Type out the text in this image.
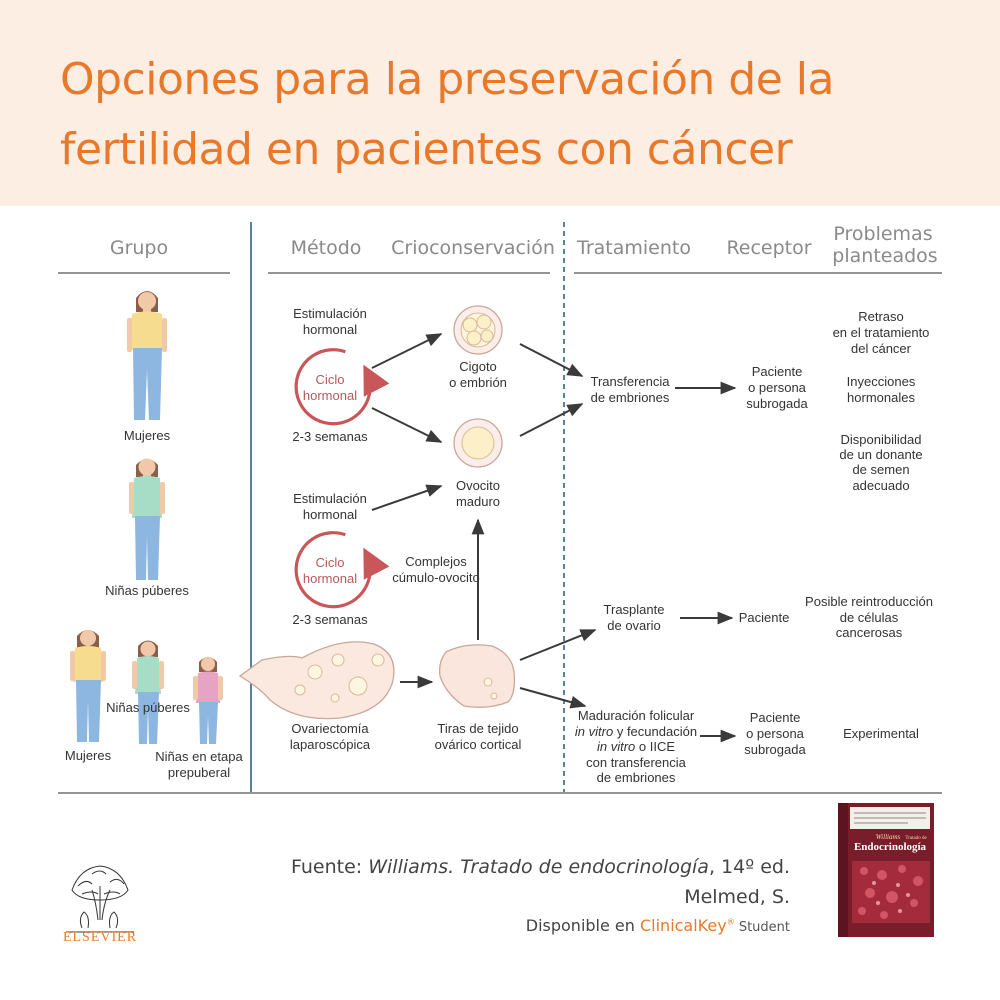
Opciones para la preservación de la
fertilidad en pacientes con cáncer
Grupo	Método Crioconservación Tratamiento Receptor
Problemas
planteados
Mujeres
Niñas púberes
Mujeres
Niñas púberes
Niñas en etapa
prepuberal
Estimulación
hormonal
Ciclo
hormonal
2-3 semanas
Estimulación
hormonal
Ciclo
hormonal
2-3 semanas
Ovariectomía
laparoscópica
Cigoto
o embrión
Ovocito
maduro
Complejos
cúmulo-ovocito
Tiras de tejido
ovárico cortical
Transferencia
de embriones
Trasplante
de ovario
Maduración folicular
in vitro y fecundación
in vitro o IICE
con transferencia
de embriones
Paciente
o persona
subrogada
Paciente
Paciente
o persona
subrogada
Retraso
en el tratamiento
del cáncer
Inyecciones
hormonales
Disponibilidad
de un donante
de semen
adecuado
Posible reintroducción
de células
cancerosas
Experimental
ELSEVIER
Fuente: Williams. Tratado de endocrinología, 14º ed.
Melmed, S.
Disponible en ClinicalKey® Student
Williams Tratado de
Endocrinología
